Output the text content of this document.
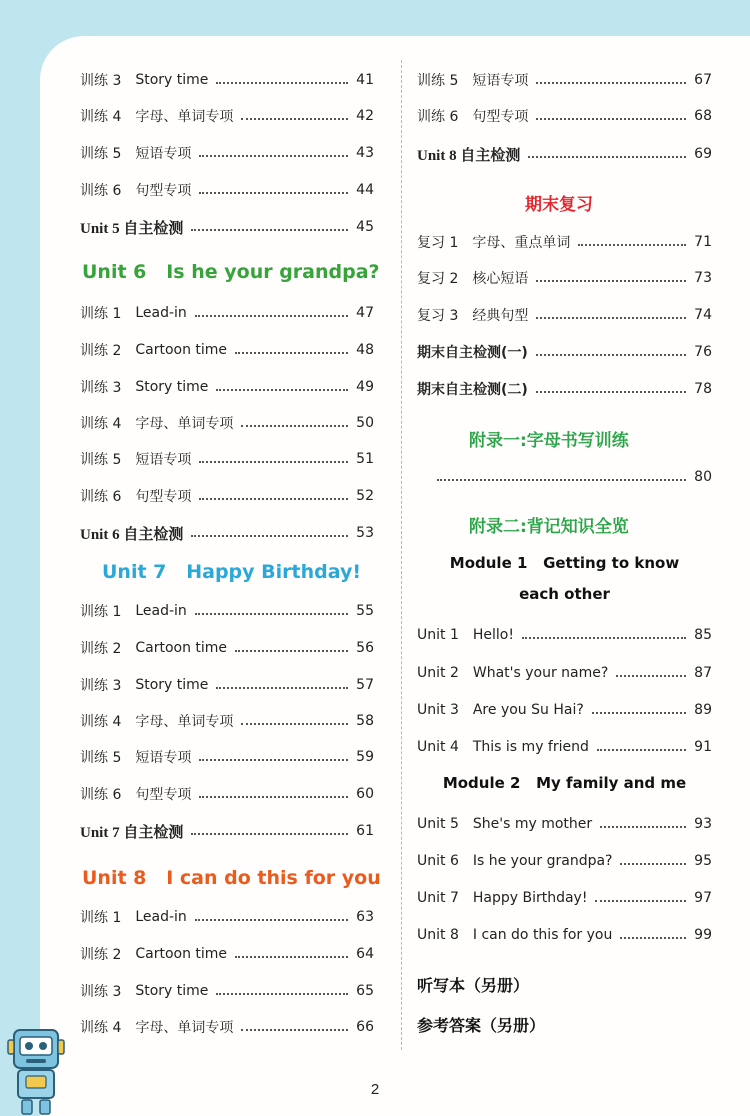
训练 3 Story time	41
训练 4 字母、单词专项	42
训练 5 短语专项	43
训练 6 句型专项	44
Unit 5 自主检测	45
Unit 6   Is he your grandpa?
训练 1 Lead-in	47
训练 2 Cartoon time	48
训练 3 Story time	49
训练 4 字母、单词专项	50
训练 5 短语专项	51
训练 6 句型专项	52
Unit 6 自主检测	53
Unit 7   Happy Birthday!
训练 1 Lead-in	55
训练 2 Cartoon time	56
训练 3 Story time	57
训练 4 字母、单词专项	58
训练 5 短语专项	59
训练 6 句型专项	60
Unit 7 自主检测	61
Unit 8   I can do this for you
训练 1 Lead-in	63
训练 2 Cartoon time	64
训练 3 Story time	65
训练 4 字母、单词专项	66
训练 5 短语专项	67
训练 6 句型专项	68
Unit 8 自主检测	69
期末复习
复习 1 字母、重点单词	71
复习 2 核心短语	73
复习 3 经典句型	74
期末自主检测(一)	76
期末自主检测(二)	78
附录一:字母书写训练
80
附录二:背记知识全览
Module 1   Getting to know
each other
Unit 1 Hello!	85
Unit 2 What's your name?	87
Unit 3 Are you Su Hai?	89
Unit 4 This is my friend	91
Module 2   My family and me
Unit 5 She's my mother	93
Unit 6 Is he your grandpa?	95
Unit 7 Happy Birthday!	97
Unit 8 I can do this for you	99
听写本（另册）
参考答案（另册）
2
